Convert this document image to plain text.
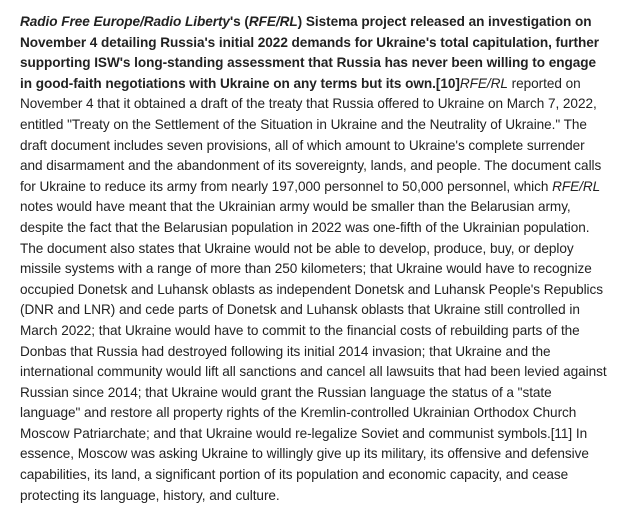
Radio Free Europe/Radio Liberty's (RFE/RL) Sistema project released an investigation on November 4 detailing Russia's initial 2022 demands for Ukraine's total capitulation, further supporting ISW's long-standing assessment that Russia has never been willing to engage in good-faith negotiations with Ukraine on any terms but its own.[10]RFE/RL reported on November 4 that it obtained a draft of the treaty that Russia offered to Ukraine on March 7, 2022, entitled "Treaty on the Settlement of the Situation in Ukraine and the Neutrality of Ukraine." The draft document includes seven provisions, all of which amount to Ukraine's complete surrender and disarmament and the abandonment of its sovereignty, lands, and people. The document calls for Ukraine to reduce its army from nearly 197,000 personnel to 50,000 personnel, which RFE/RL notes would have meant that the Ukrainian army would be smaller than the Belarusian army, despite the fact that the Belarusian population in 2022 was one-fifth of the Ukrainian population. The document also states that Ukraine would not be able to develop, produce, buy, or deploy missile systems with a range of more than 250 kilometers; that Ukraine would have to recognize occupied Donetsk and Luhansk oblasts as independent Donetsk and Luhansk People's Republics (DNR and LNR) and cede parts of Donetsk and Luhansk oblasts that Ukraine still controlled in March 2022; that Ukraine would have to commit to the financial costs of rebuilding parts of the Donbas that Russia had destroyed following its initial 2014 invasion; that Ukraine and the international community would lift all sanctions and cancel all lawsuits that had been levied against Russian since 2014; that Ukraine would grant the Russian language the status of a "state language" and restore all property rights of the Kremlin-controlled Ukrainian Orthodox Church Moscow Patriarchate; and that Ukraine would re-legalize Soviet and communist symbols.[11] In essence, Moscow was asking Ukraine to willingly give up its military, its offensive and defensive capabilities, its land, a significant portion of its population and economic capacity, and cease protecting its language, history, and culture.
